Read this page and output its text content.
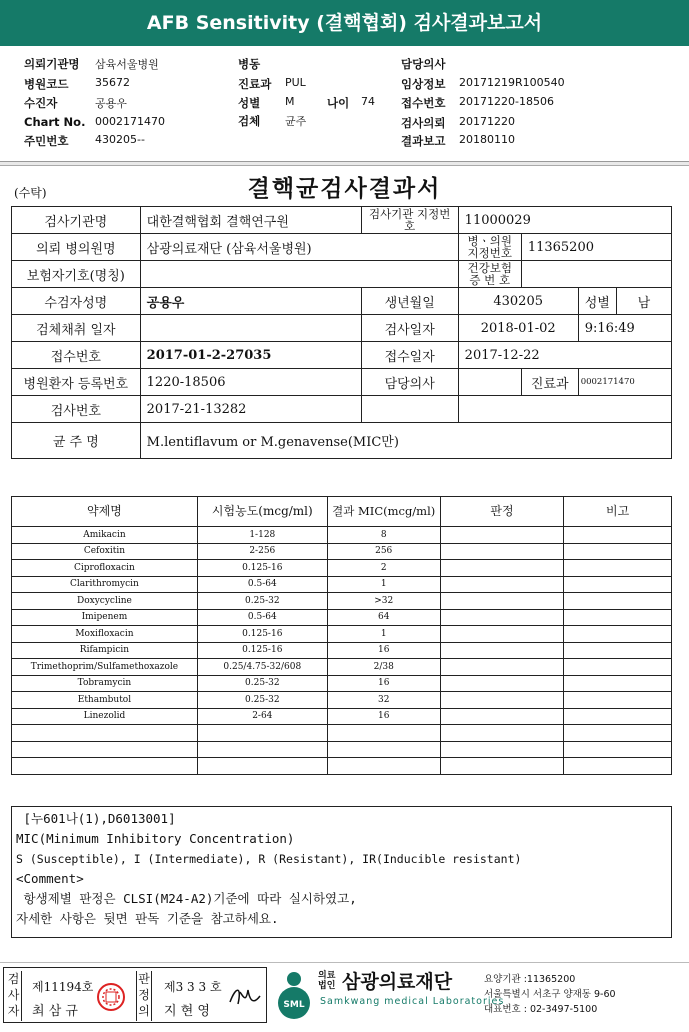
AFB Sensitivity (결핵협회) 검사결과보고서
의뢰기관명 삼육서울병원
병원코드 35672
수진자	공용우
Chart No. 0002171470
주민번호 430205--
병동
진료과 PUL
성별 M
검체 균주
나이 74
담당의사
임상정보 20171219R100540
접수번호 20171220-18506
검사의뢰 20171220
결과보고 20180110
(수탁)	결핵균검사결과서
검사기관명	대한결핵협회 결핵연구원	검사기관 지정번호	11000029			
의뢰 병의원명	삼광의료재단 (삼육서울병원)		병ㆍ의원 지정번호	11365200		
보험자기호(명칭)			건강보험 증 번 호			
수검자성명	공용우	생년월일	430205		성별	남
검체채취 일자		검사일자	2018-01-02		9:16:49	
접수번호	2017-01-2-27035	접수일자	2017-12-22			
병원환자 등록번호	1220-18506	담당의사		진료과	0002171470	
검사번호	2017-21-13282					
균 주 명	M.lentiflavum or M.genavense(MIC만)					
약제명	시험농도(mcg/ml)	결과 MIC(mcg/ml)	판정	비고
Amikacin	1-128	8		
Cefoxitin	2-256	256		
Ciprofloxacin	0.125-16	2		
Clarithromycin	0.5-64	1		
Doxycycline	0.25-32	>32		
Imipenem	0.5-64	64		
Moxifloxacin	0.125-16	1		
Rifampicin	0.125-16	16		
Trimethoprim/Sulfamethoxazole	0.25/4.75-32/608	2/38		
Tobramycin	0.25-32	16		
Ethambutol	0.25-32	32		
Linezolid	2-64	16		

[누601나(1),D6013001]
MIC(Minimum Inhibitory Concentration)
S (Susceptible), I (Intermediate), R (Resistant), IR(Inducible resistant)
<Comment>
항생제별 판정은 CLSI(M24-A2)기준에 따라 실시하였고,
자세한 사항은 뒷면 판독 기준을 참고하세요.
검사자
제11194호
최 삼 규
판정의
제3 3 3 호
지 현 영	SML
의료 법인 삼광의료재단
Samkwang medical Laboratories
요양기관 :11365200
서울특별시 서초구 양재동 9-60
대표번호 : 02-3497-5100
